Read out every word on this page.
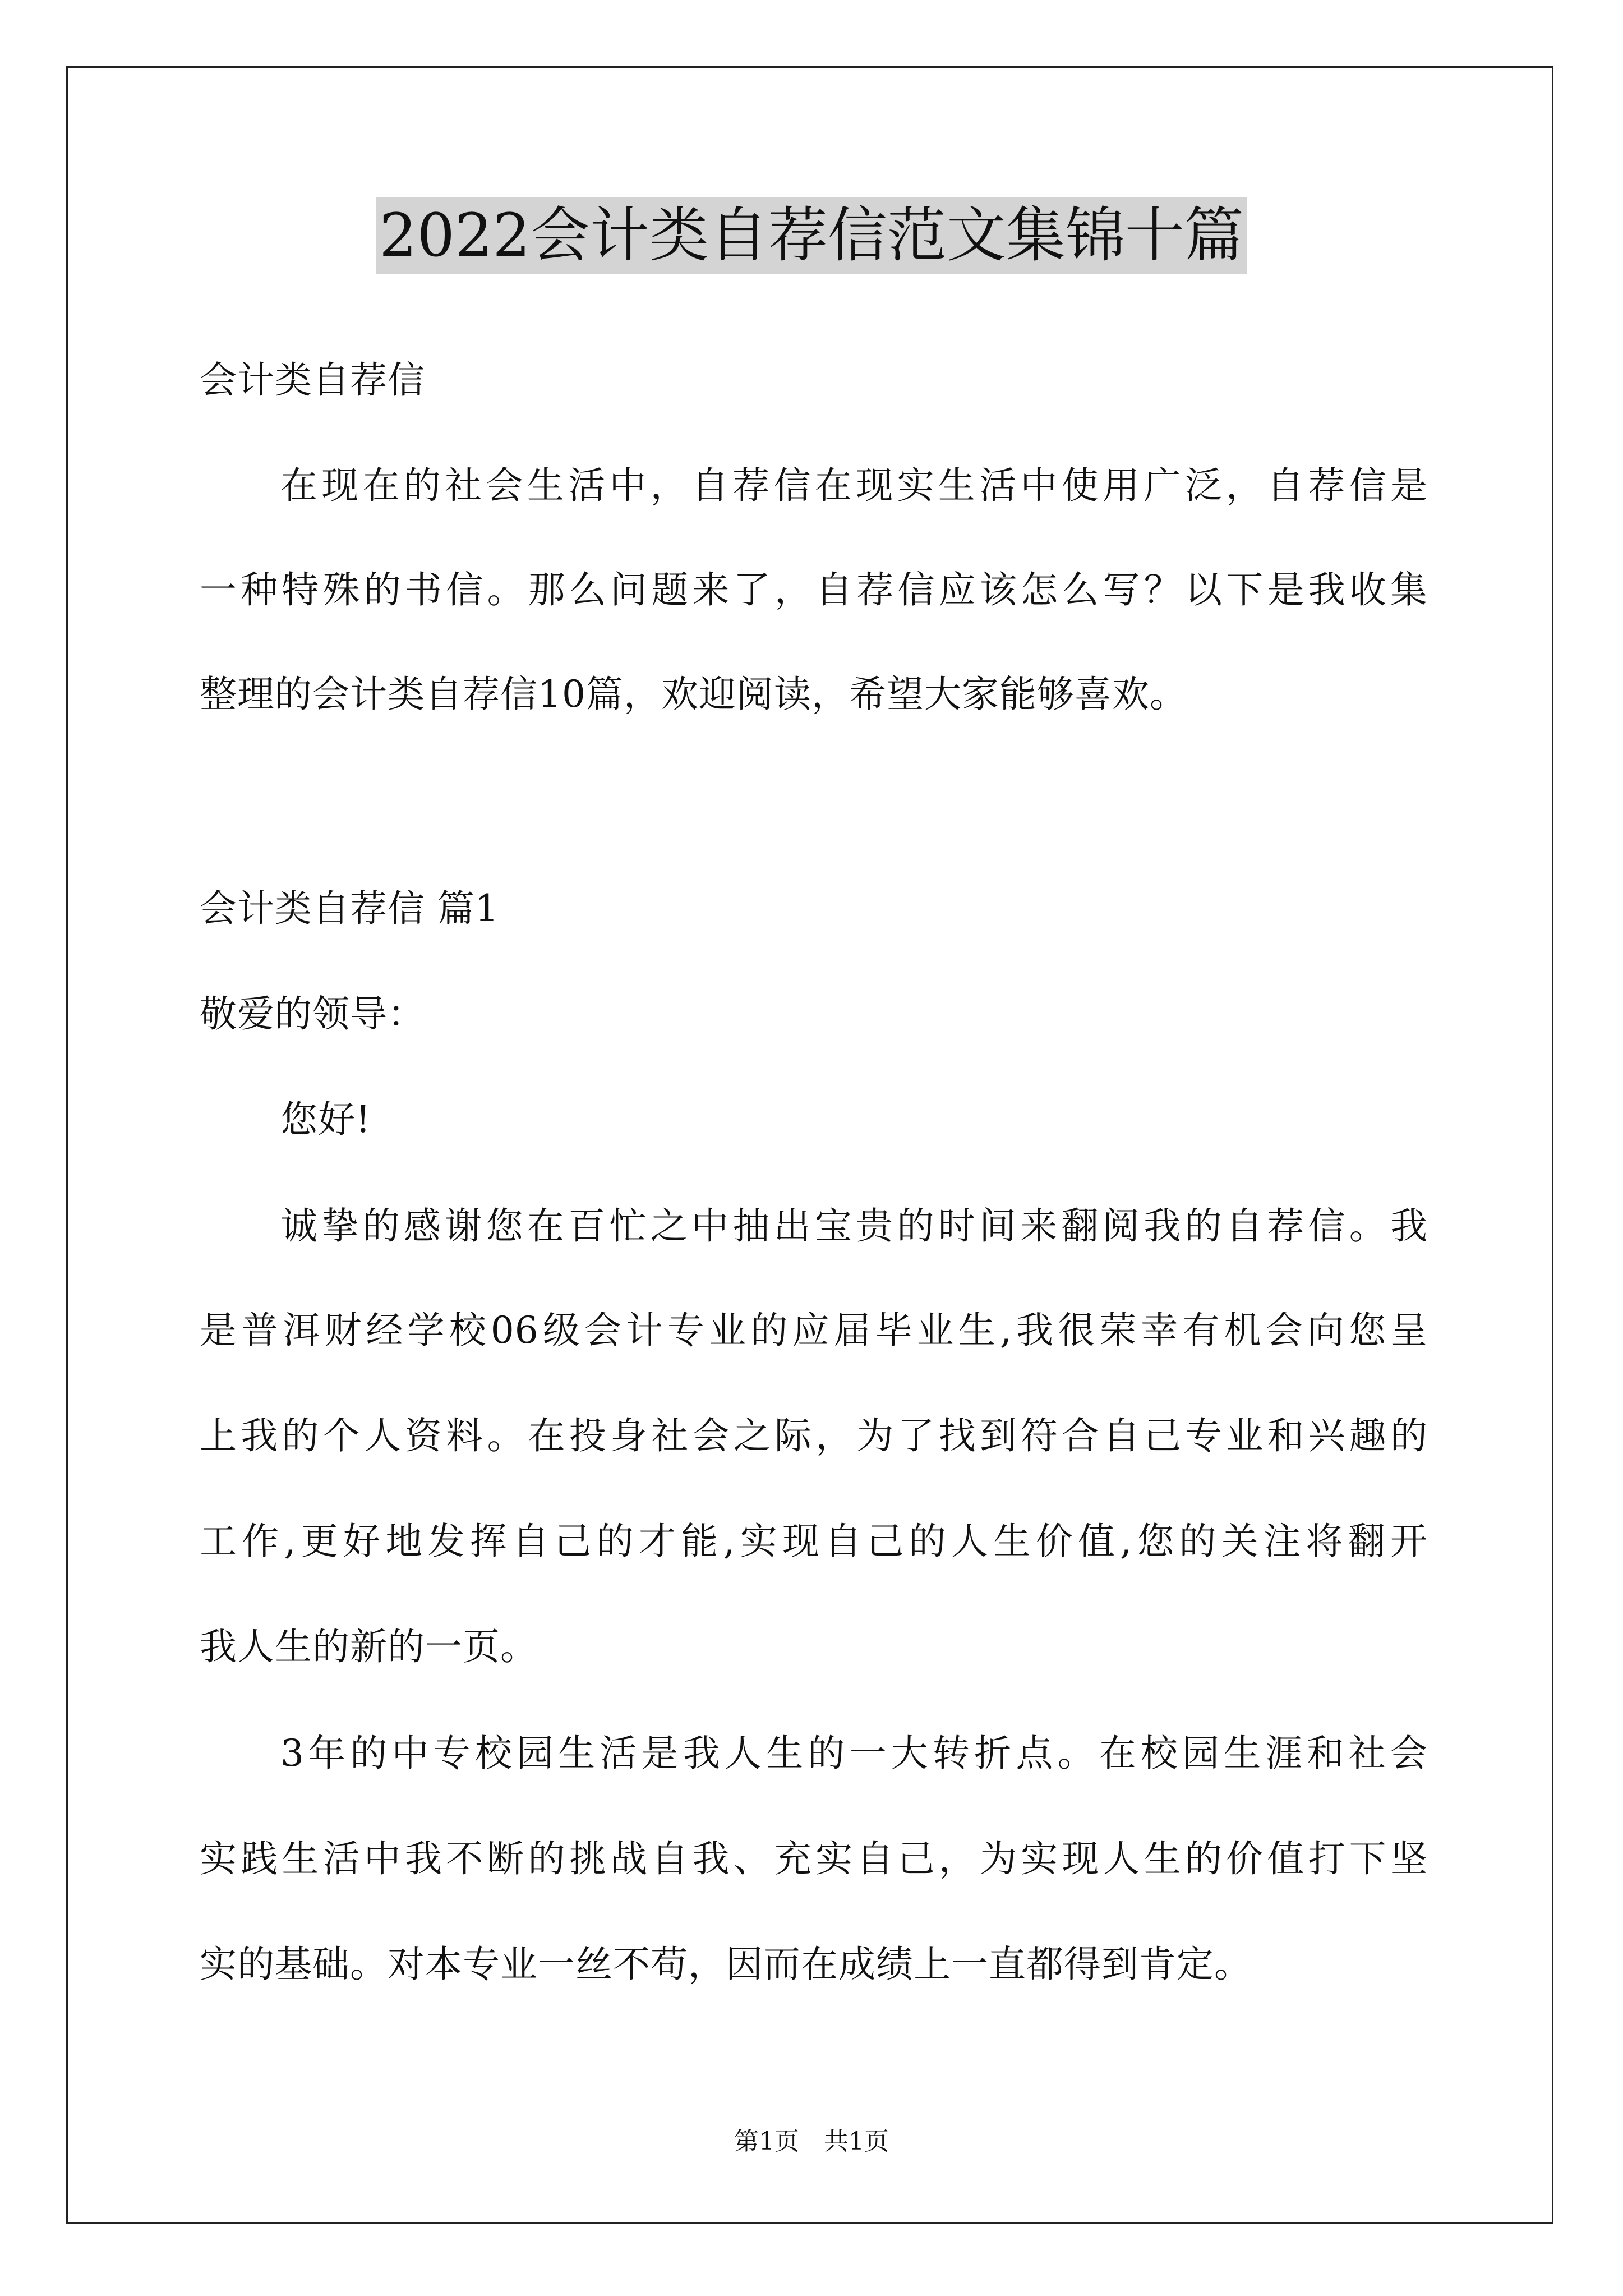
2022会计类自荐信范文集锦十篇
会计类自荐信
在现在的社会生活中，自荐信在现实生活中使用广泛，自荐信是
一种特殊的书信。那么问题来了，自荐信应该怎么写？以下是我收集
整理的会计类自荐信10篇，欢迎阅读，希望大家能够喜欢。
会计类自荐信 篇1
敬爱的领导：
您好!
诚挚的感谢您在百忙之中抽出宝贵的时间来翻阅我的自荐信。我
是普洱财经学校06级会计专业的应届毕业生,我很荣幸有机会向您呈
上我的个人资料。在投身社会之际，为了找到符合自己专业和兴趣的
工作,更好地发挥自己的才能,实现自己的人生价值,您的关注将翻开
我人生的新的一页。
3年的中专校园生活是我人生的一大转折点。在校园生涯和社会
实践生活中我不断的挑战自我、充实自己，为实现人生的价值打下坚
实的基础。对本专业一丝不苟，因而在成绩上一直都得到肯定。
第1页　共1页
